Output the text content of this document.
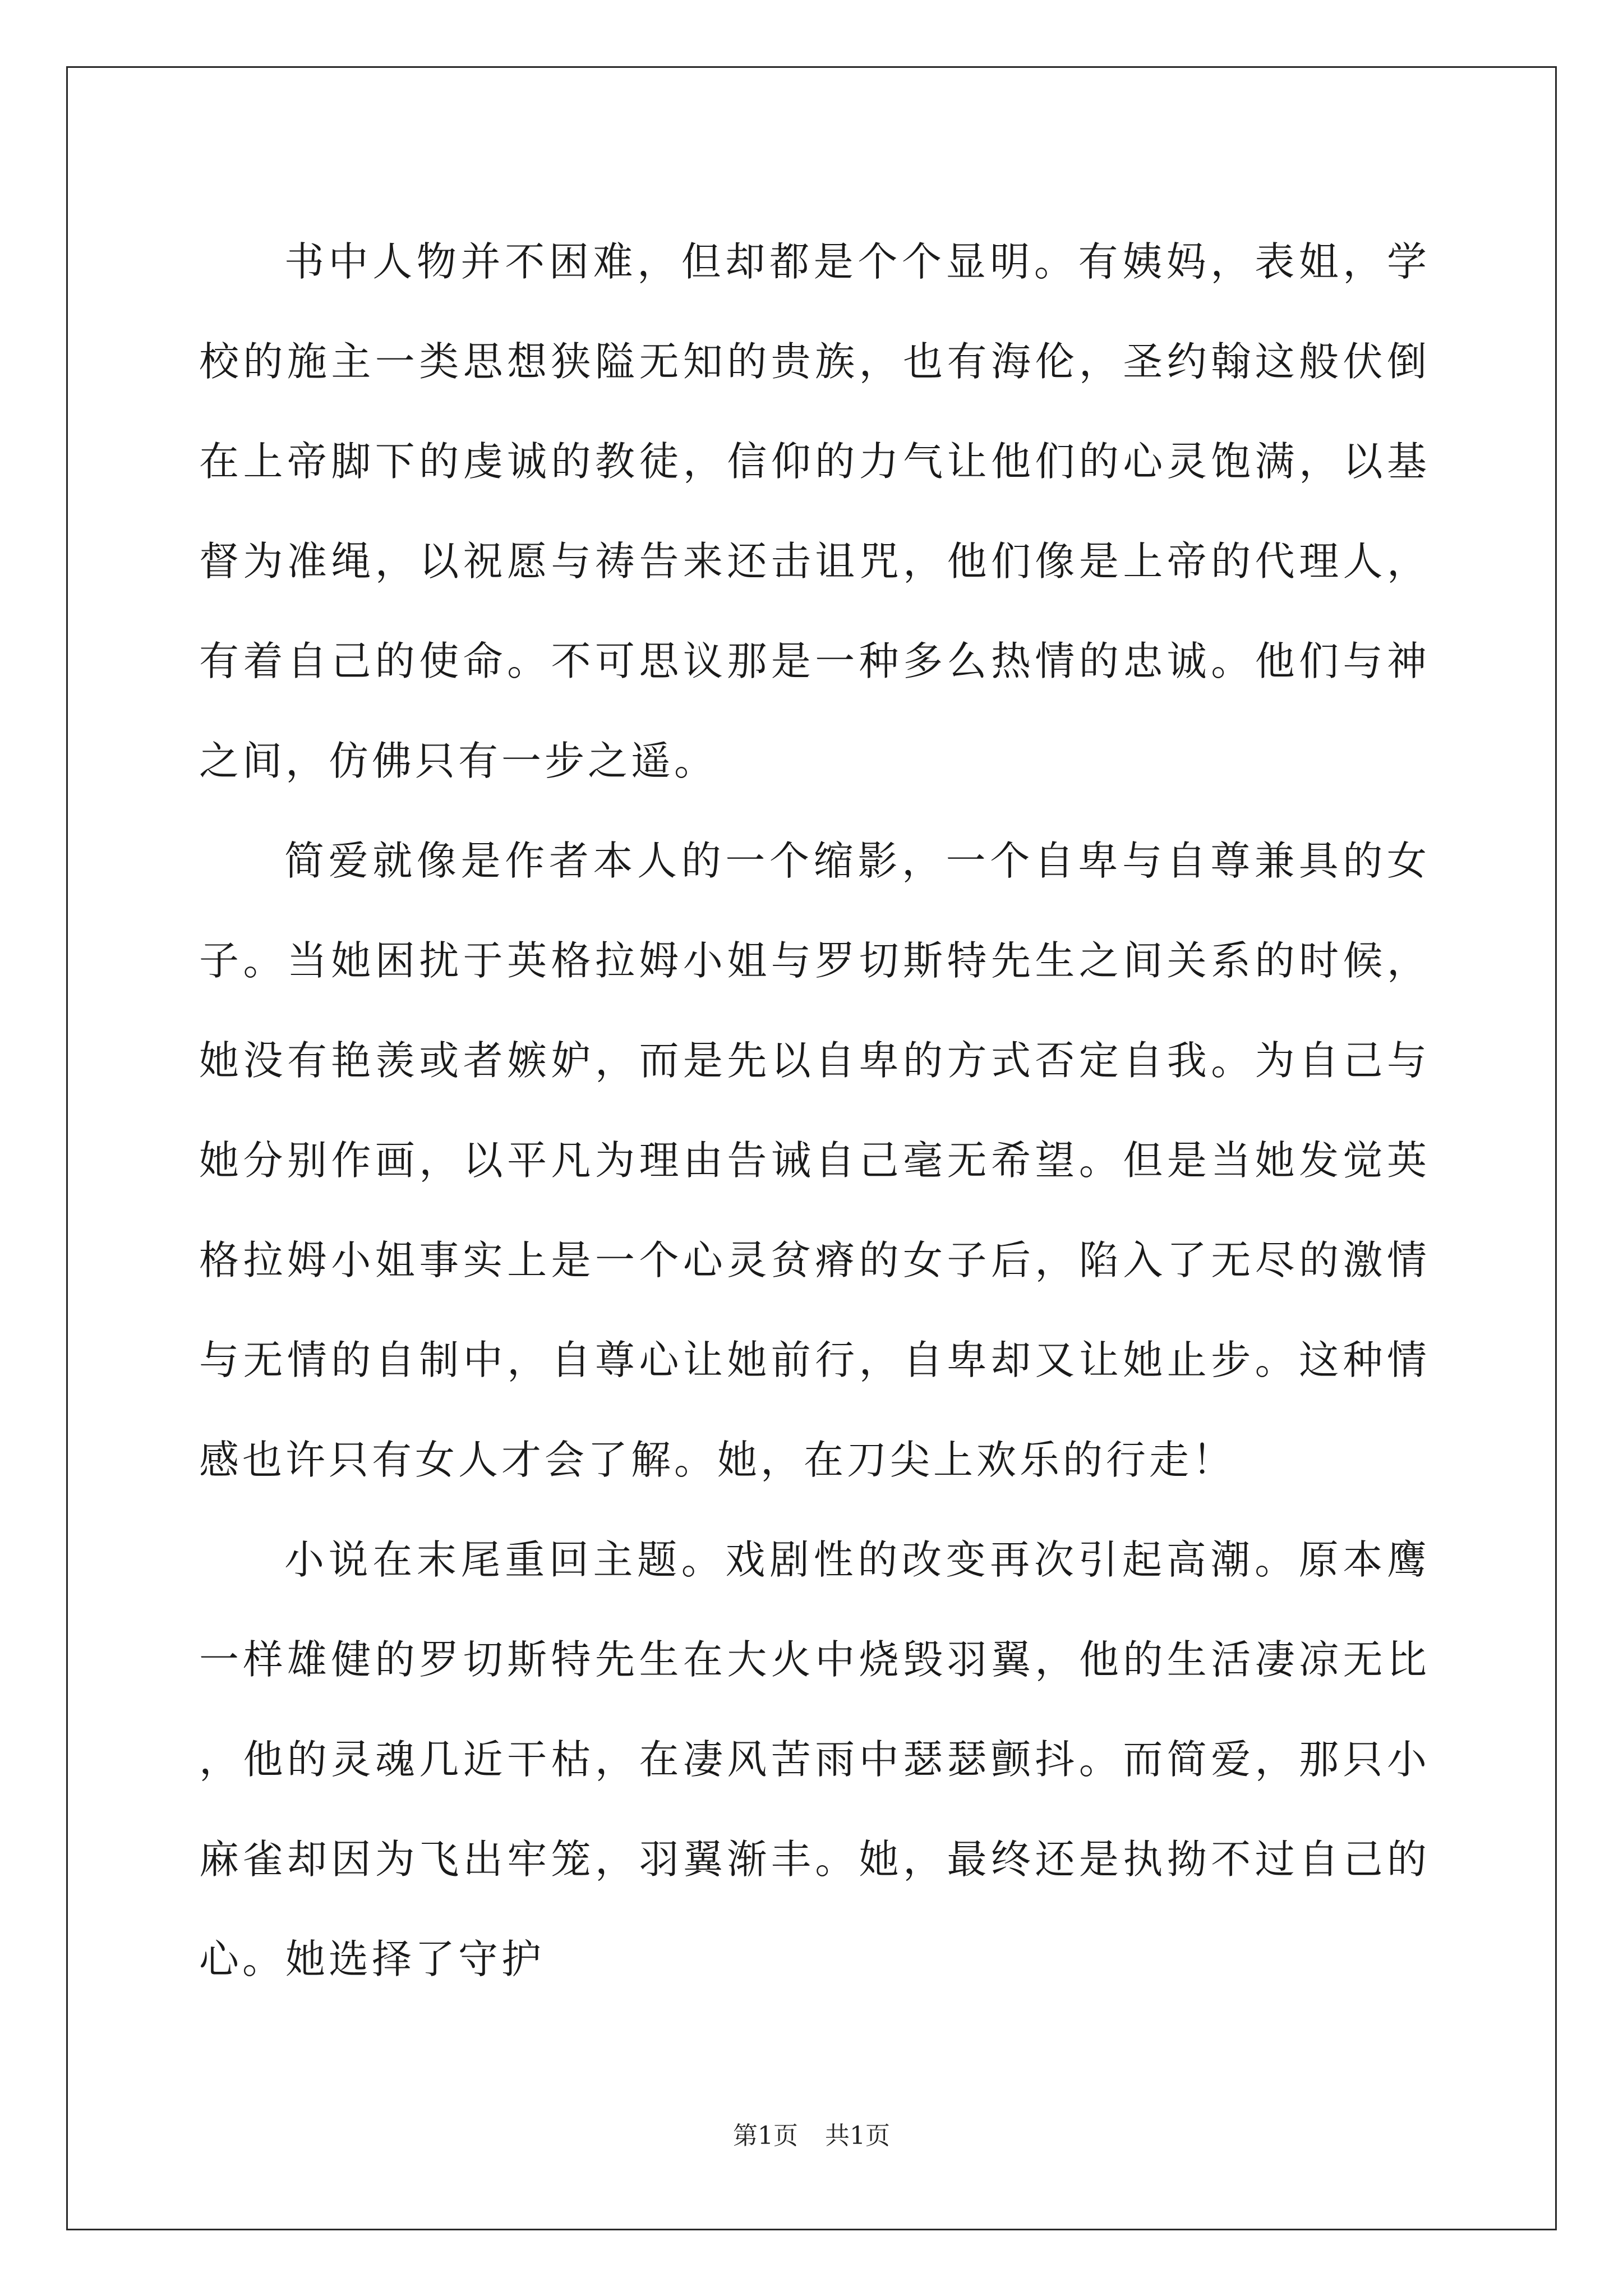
书中人物并不困难，但却都是个个显明。有姨妈，表姐，学校的施主一类思想狭隘无知的贵族，也有海伦，圣约翰这般伏倒在上帝脚下的虔诚的教徒，信仰的力气让他们的心灵饱满，以基督为准绳，以祝愿与祷告来还击诅咒，他们像是上帝的代理人，有着自己的使命。不可思议那是一种多么热情的忠诚。他们与神之间，仿佛只有一步之遥。

简爱就像是作者本人的一个缩影，一个自卑与自尊兼具的女子。当她困扰于英格拉姆小姐与罗切斯特先生之间关系的时候，她没有艳羡或者嫉妒，而是先以自卑的方式否定自我。为自己与她分别作画，以平凡为理由告诫自己毫无希望。但是当她发觉英格拉姆小姐事实上是一个心灵贫瘠的女子后，陷入了无尽的激情与无情的自制中，自尊心让她前行，自卑却又让她止步。这种情感也许只有女人才会了解。她，在刀尖上欢乐的行走！

小说在末尾重回主题。戏剧性的改变再次引起高潮。原本鹰一样雄健的罗切斯特先生在大火中烧毁羽翼，他的生活凄凉无比，他的灵魂几近干枯，在凄风苦雨中瑟瑟颤抖。而简爱，那只小麻雀却因为飞出牢笼，羽翼渐丰。她，最终还是执拗不过自己的心。她选择了守护

第1页 共1页
